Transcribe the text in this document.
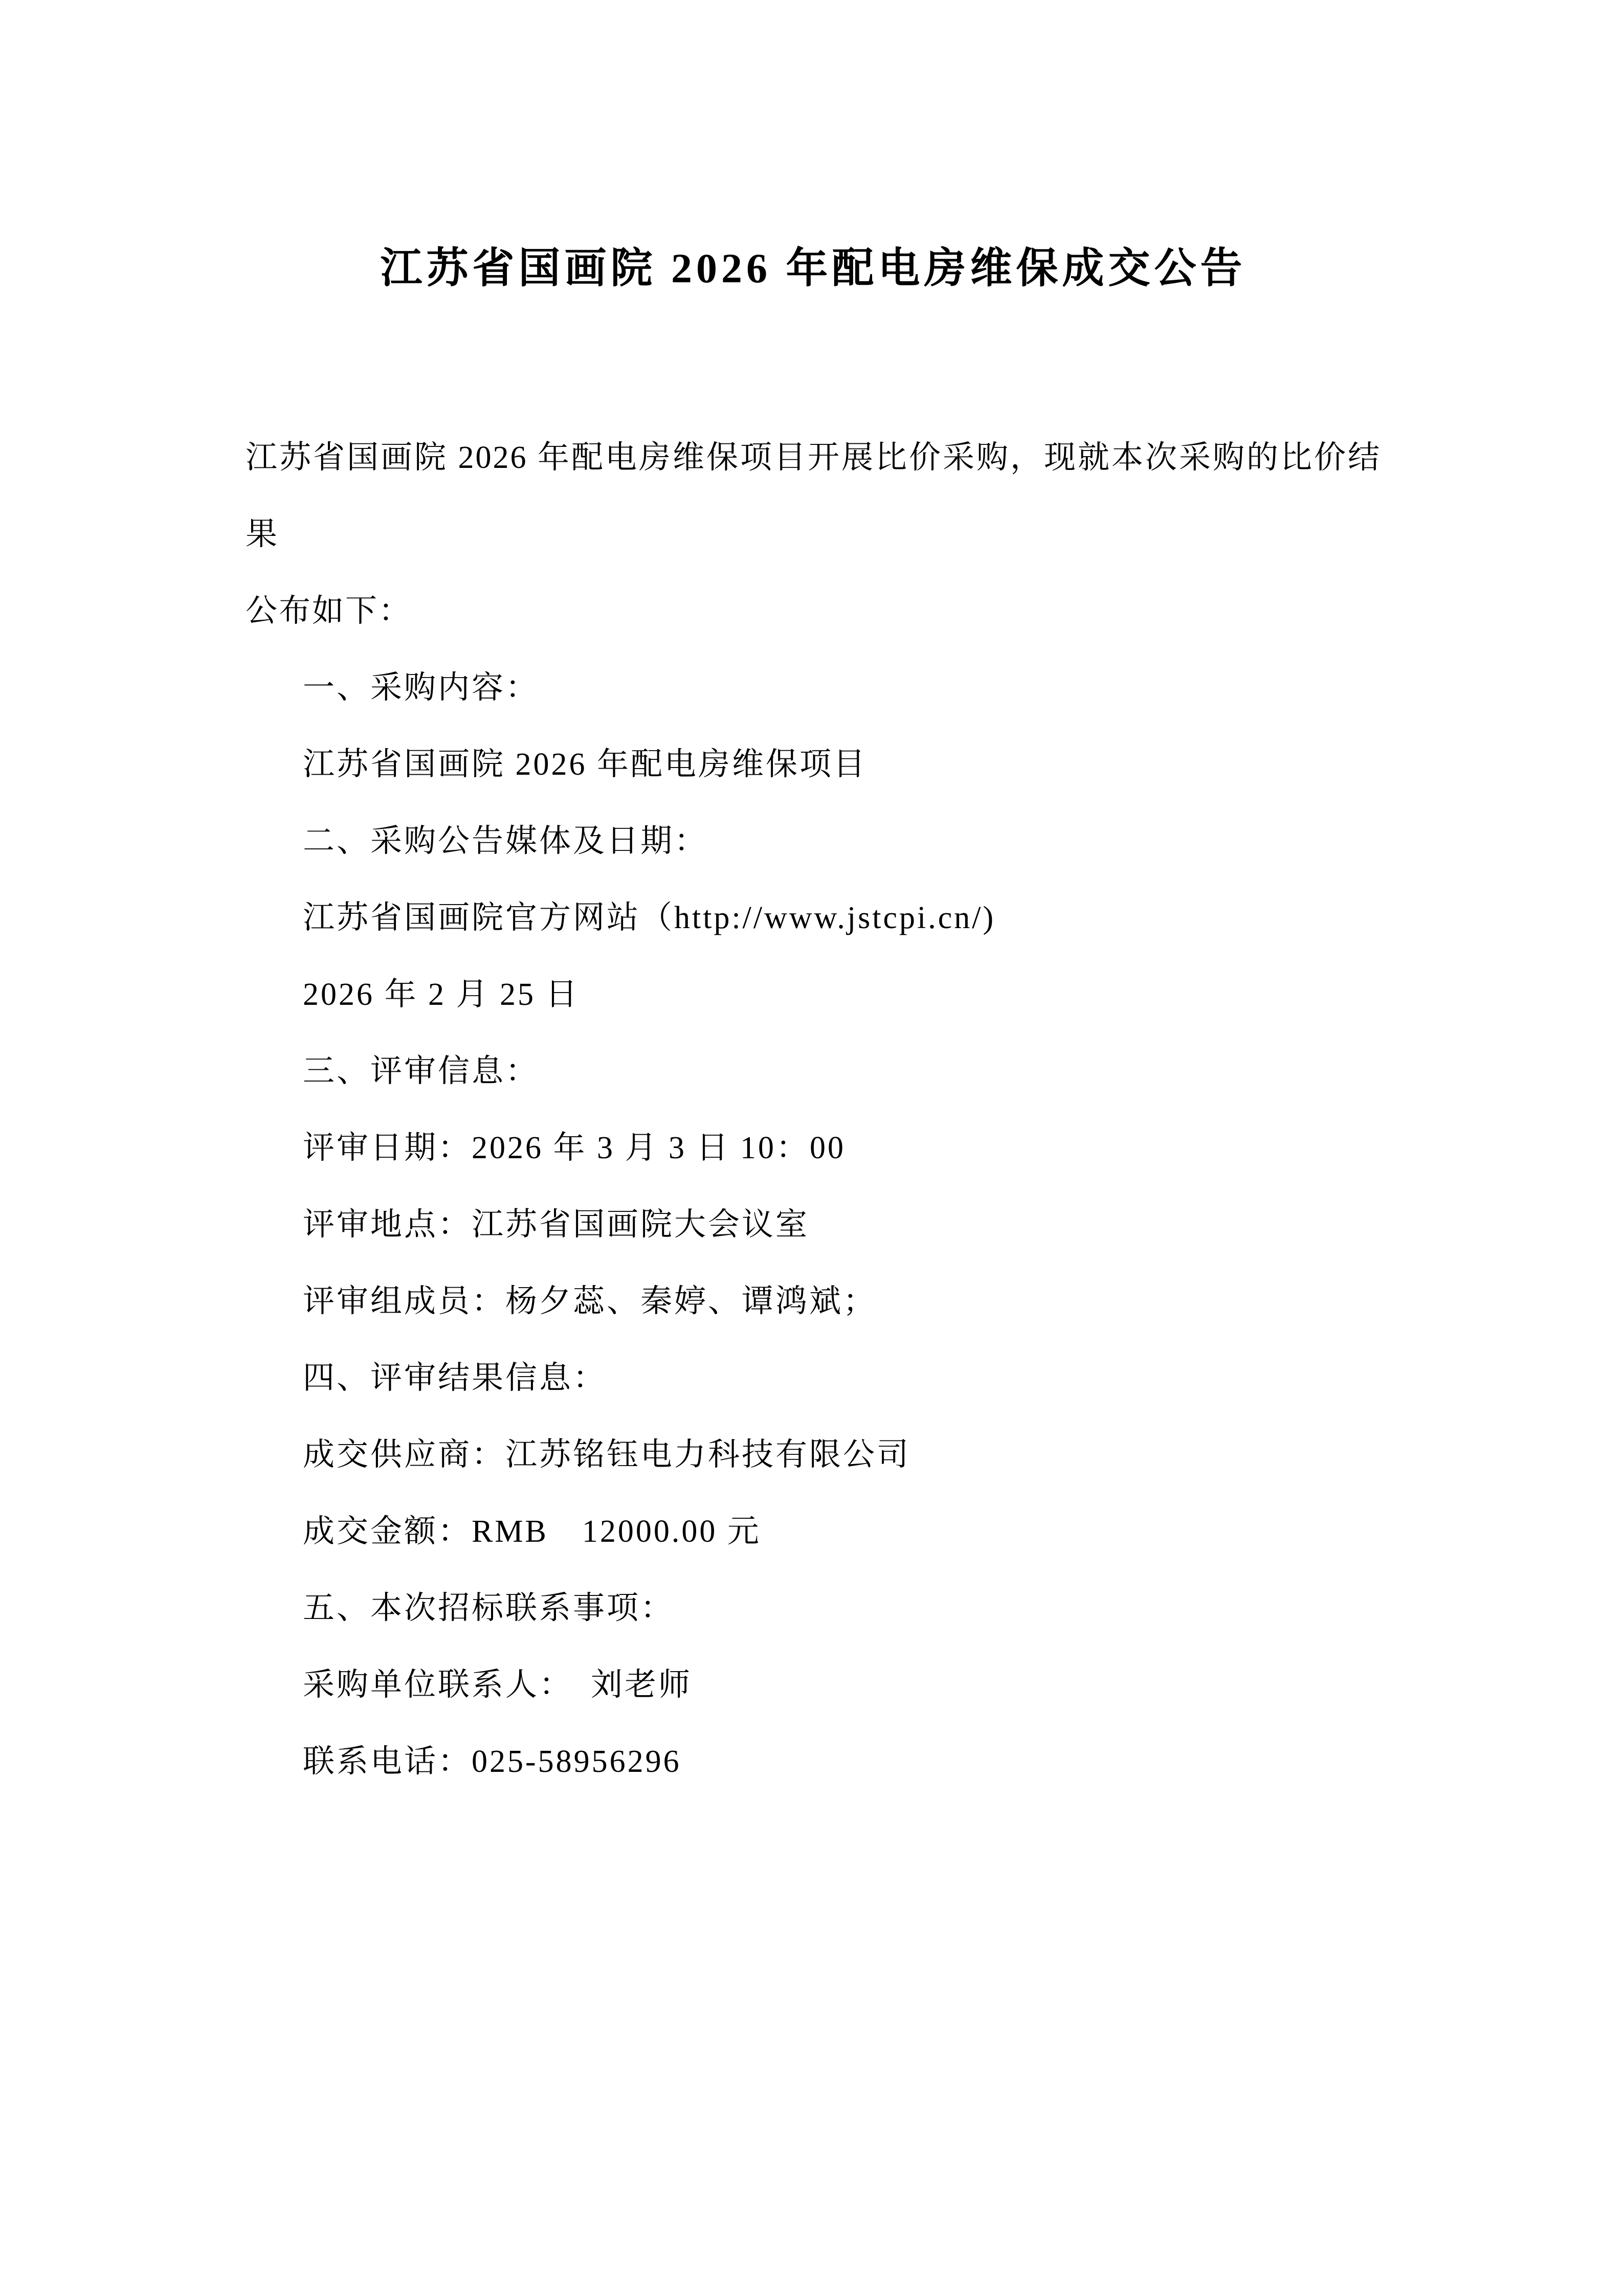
江苏省国画院 2026 年配电房维保成交公告
江苏省国画院 2026 年配电房维保项目开展比价采购，现就本次采购的比价结果
公布如下：
一、采购内容：
江苏省国画院 2026 年配电房维保项目
二、采购公告媒体及日期：
江苏省国画院官方网站（http://www.jstcpi.cn/)
2026 年 2 月 25 日
三、评审信息：
评审日期：2026 年 3 月 3 日 10：00
评审地点：江苏省国画院大会议室
评审组成员：杨夕蕊、秦婷、谭鸿斌；
四、评审结果信息：
成交供应商：江苏铭钰电力科技有限公司
成交金额：RMB　12000.00 元
五、本次招标联系事项：
采购单位联系人：　刘老师
联系电话：025-58956296
